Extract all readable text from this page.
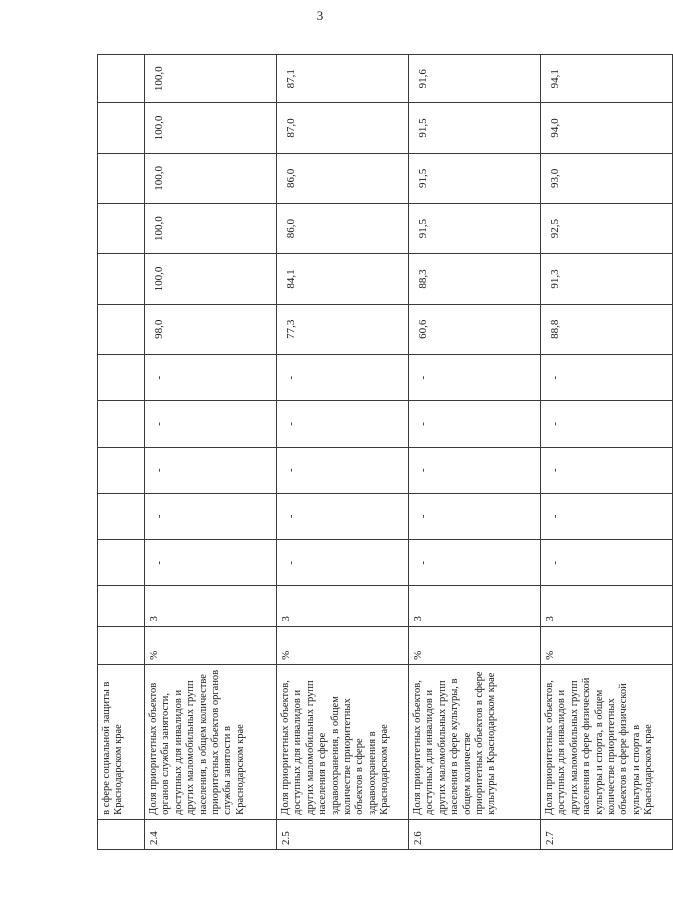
3
	в сфере социальной защиты в Краснодарском крае													
2.4	Доля приоритетных объектов органов службы занятости, доступных для инвалидов и других маломобильных групп населения, в общем количестве приоритетных объектов органов службы занятости в Краснодарском крае	%	3	-	-	-	-	-	98,0	100,0	100,0	100,0	100,0	100,0
2.5	Доля приоритетных объектов, доступных для инвалидов и других маломобильных групп населения в сфере здравоохранения, в общем количестве приоритетных объектов в сфере здравоохранения в Краснодарском крае	%	3	-	-	-	-	-	77,3	84,1	86,0	86,0	87,0	87,1
2.6	Доля приоритетных объектов, доступных для инвалидов и других маломобильных групп населения в сфере культуры, в общем количестве приоритетных объектов в сфере культуры в Краснодарском крае	%	3	-	-	-	-	-	60,6	88,3	91,5	91,5	91,5	91,6
2.7	Доля приоритетных объектов, доступных для инвалидов и других маломобильных групп населения в сфере физической культуры и спорта, в общем количестве приоритетных объектов в сфере физической культуры и спорта в Краснодарском крае	%	3	-	-	-	-	-	88,8	91,3	92,5	93,0	94,0	94,1
